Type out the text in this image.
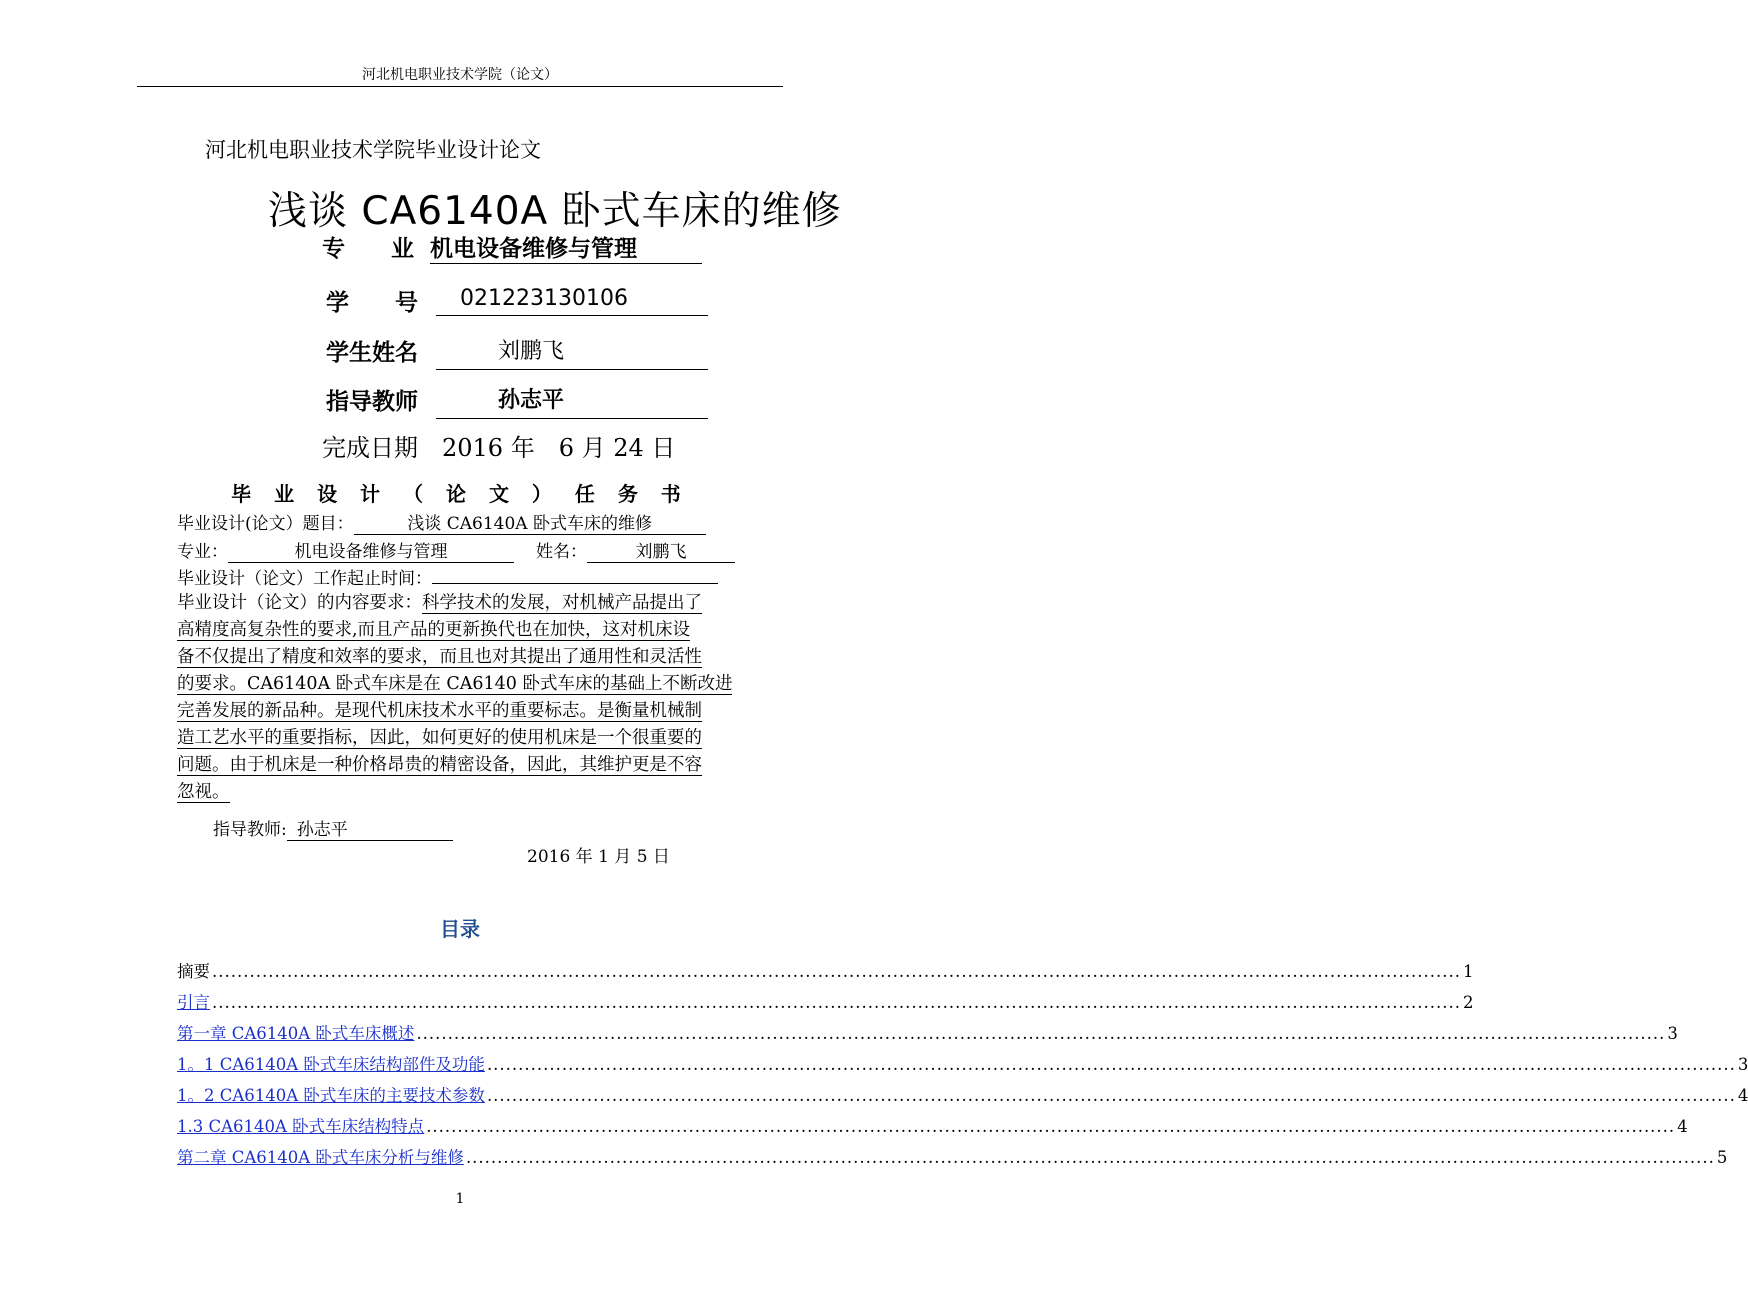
河北机电职业技术学院（论文）
河北机电职业技术学院毕业设计论文
浅谈 CA6140A 卧式车床的维修
专　　业 机电设备维修与管理
学　　号	021223130106
学生姓名	刘鹏飞
指导教师	孙志平
完成日期　2016 年　6 月 24 日
毕 业 设 计 （ 论 文 ） 任 务 书
毕业设计(论文）题目：	浅谈 CA6140A 卧式车床的维修
专业：	机电设备维修与管理	姓名：	刘鹏飞
毕业设计（论文）工作起止时间：
毕业设计（论文）的内容要求：科学技术的发展，对机械产品提出了
高精度高复杂性的要求,而且产品的更新换代也在加快，这对机床设
备不仅提出了精度和效率的要求，而且也对其提出了通用性和灵活性
的要求。CA6140A 卧式车床是在 CA6140 卧式车床的基础上不断改进
完善发展的新品种。是现代机床技术水平的重要标志。是衡量机械制
造工艺水平的重要指标，因此，如何更好的使用机床是一个很重要的
问题。由于机床是一种价格昂贵的精密设备，因此，其维护更是不容
忽视。
指导教师: 孙志平
2016 年 1 月 5 日
目录
摘要 ........................................................................................................................................................................................................ 1
引言 ........................................................................................................................................................................................................ 2
第一章 CA6140A 卧式车床概述 ........................................................................................................................................................................................................ 3
1。1 CA6140A 卧式车床结构部件及功能 ........................................................................................................................................................................................................ 3
1。2 CA6140A 卧式车床的主要技术参数 ........................................................................................................................................................................................................ 4
1.3 CA6140A 卧式车床结构特点 ........................................................................................................................................................................................................ 4
第二章 CA6140A 卧式车床分析与维修 ........................................................................................................................................................................................................ 5
1
